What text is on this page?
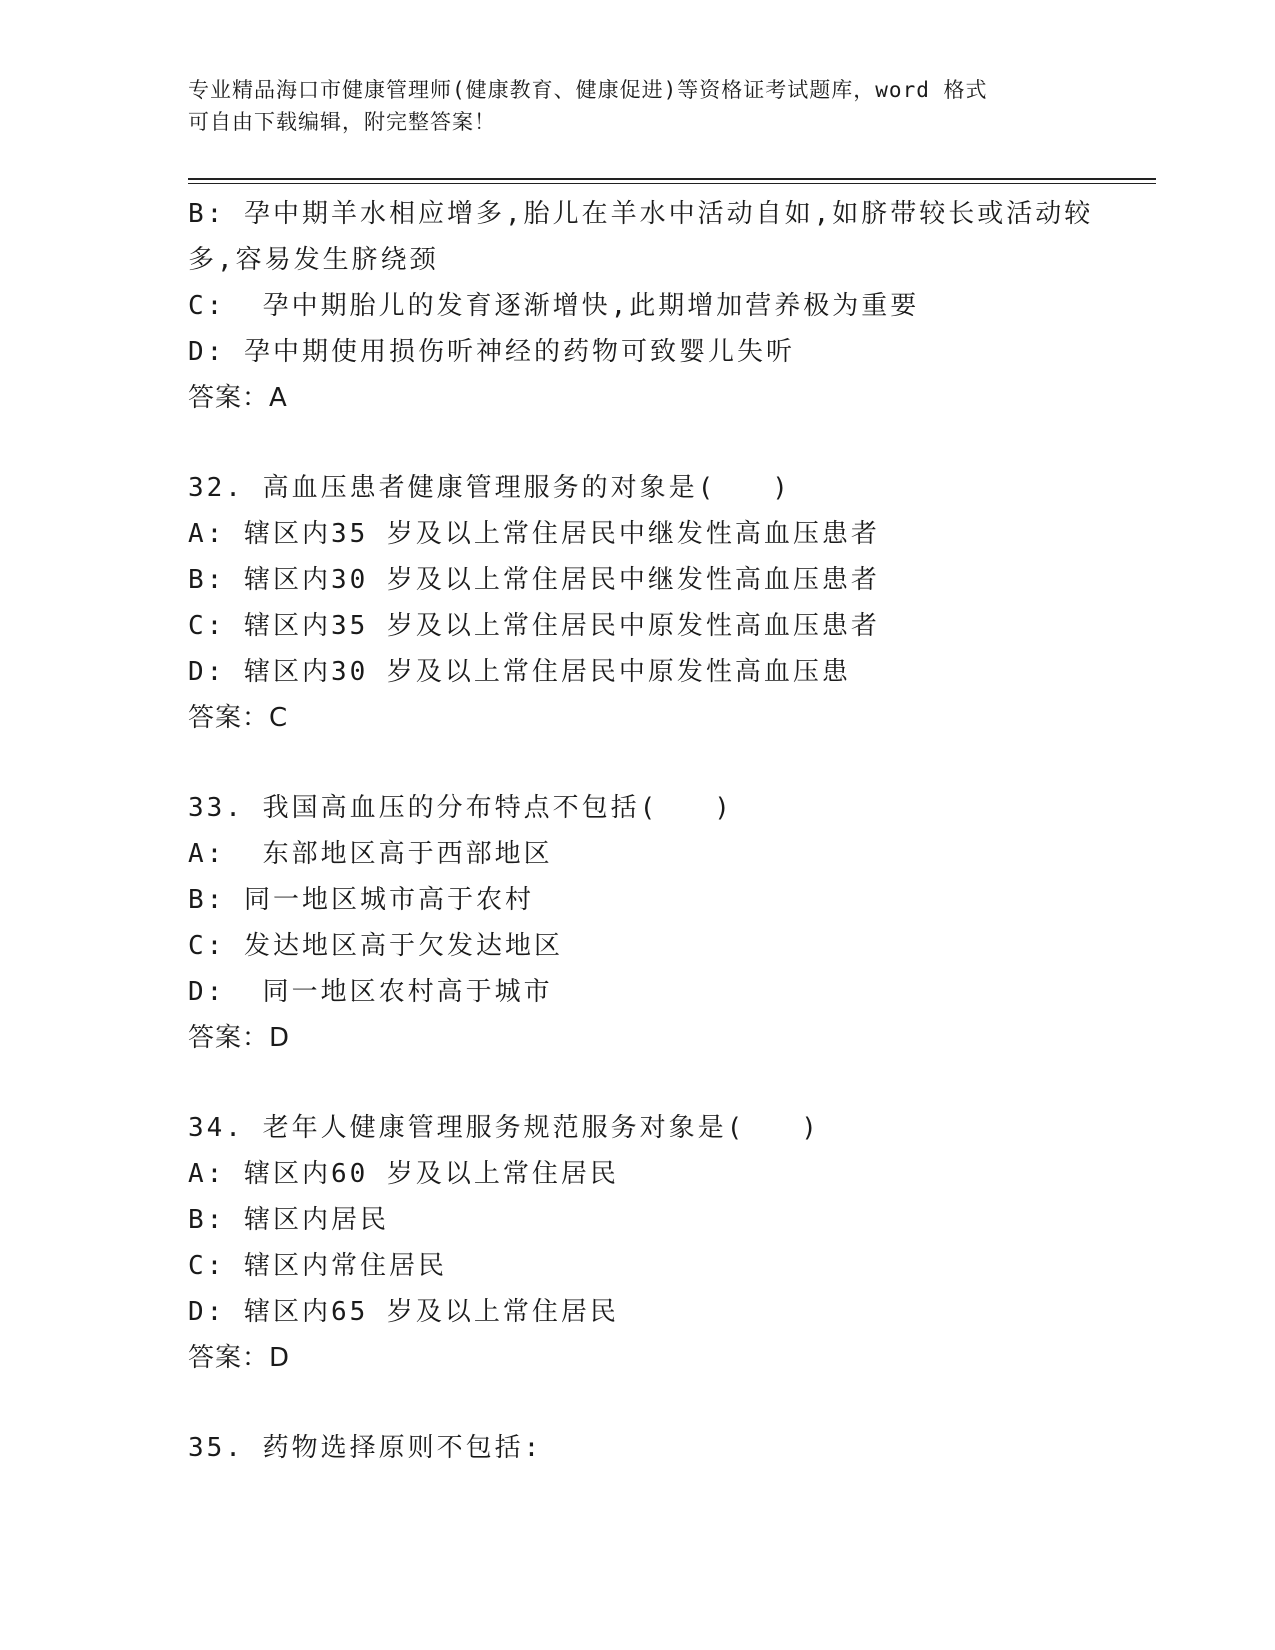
专业精品海口市健康管理师(健康教育、健康促进)等资格证考试题库，word 格式
可自由下载编辑，附完整答案！
B: 孕中期羊水相应增多,胎儿在羊水中活动自如,如脐带较长或活动较
多,容易发生脐绕颈
C:  孕中期胎儿的发育逐渐增快,此期增加营养极为重要
D: 孕中期使用损伤听神经的药物可致婴儿失听
答案：A
32. 高血压患者健康管理服务的对象是(   )
A: 辖区内35 岁及以上常住居民中继发性高血压患者
B: 辖区内30 岁及以上常住居民中继发性高血压患者
C: 辖区内35 岁及以上常住居民中原发性高血压患者
D: 辖区内30 岁及以上常住居民中原发性高血压患
答案：C
33. 我国高血压的分布特点不包括(   )
A:  东部地区高于西部地区
B: 同一地区城市高于农村
C: 发达地区高于欠发达地区
D:  同一地区农村高于城市
答案：D
34. 老年人健康管理服务规范服务对象是(   )
A: 辖区内60 岁及以上常住居民
B: 辖区内居民
C: 辖区内常住居民
D: 辖区内65 岁及以上常住居民
答案：D
35. 药物选择原则不包括:
